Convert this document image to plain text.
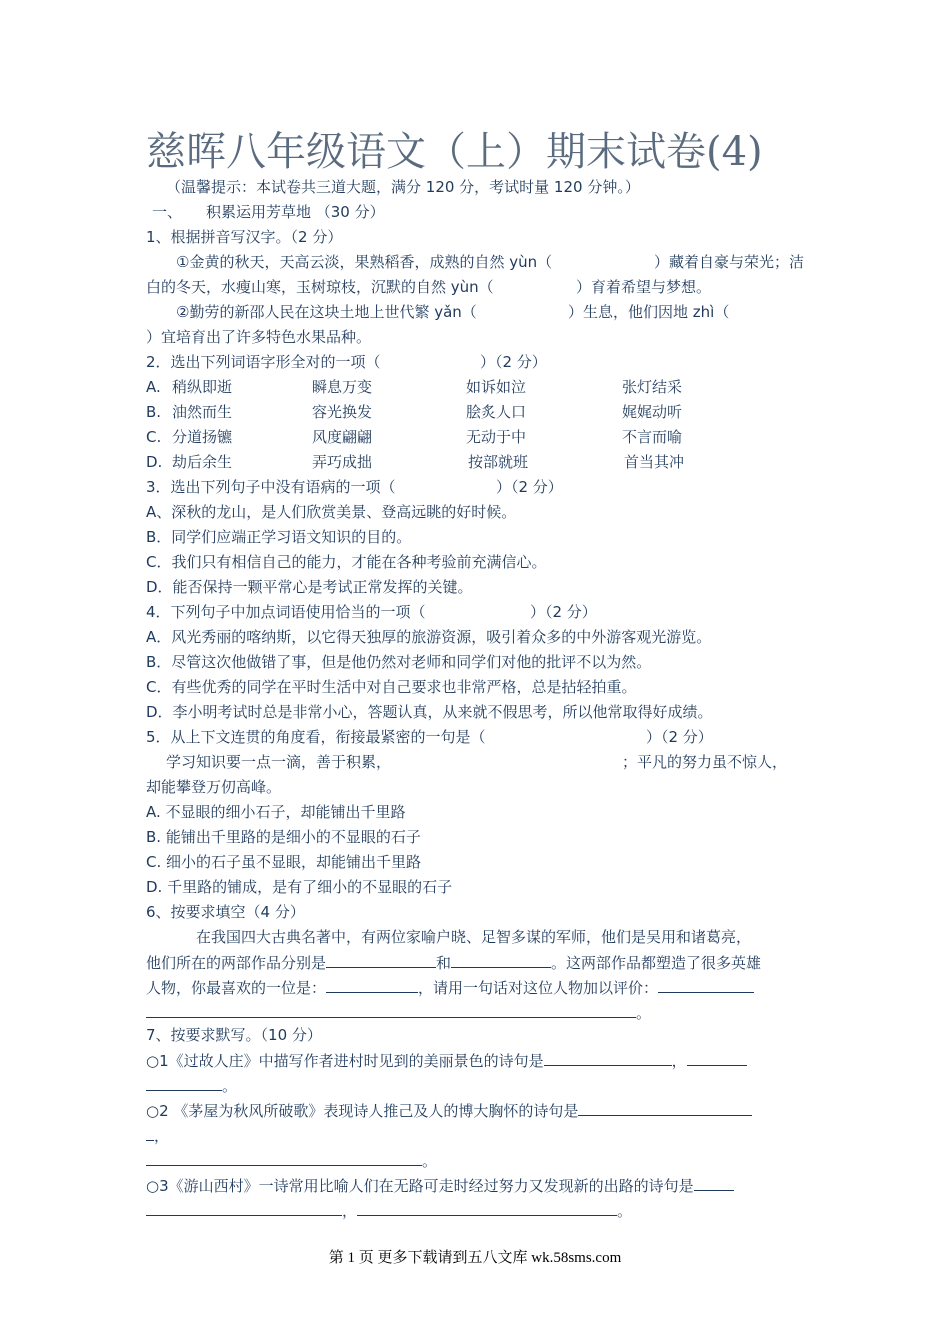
慈晖八年级语文（上）期末试卷(4)
（温馨提示：本试卷共三道大题，满分 120 分，考试时量 120 分钟。）
一、 积累运用芳草地 （30 分）
1、根据拼音写汉字。（2 分）
①金黄的秋天，天高云淡，果熟稻香，成熟的自然 yùn（	）藏着自豪与荣光；洁
白的冬天，水瘦山寒，玉树琼枝，沉默的自然 yùn（	）育着希望与梦想。
②勤劳的新邵人民在这块土地上世代繁 yǎn（	）生息，他们因地 zhì（
）宜培育出了许多特色水果品种。
2．选出下列词语字形全对的一项（	）（2 分）
A. 稍纵即逝	瞬息万变	如诉如泣	张灯结采
B. 油然而生	容光换发	脍炙人口	娓娓动听
C. 分道扬镳	风度翩翩	无动于中	不言而喻
D. 劫后余生	弄巧成拙	按部就班	首当其冲
3．选出下列句子中没有语病的一项（	）（2 分）
A、深秋的龙山，是人们欣赏美景、登高远眺的好时候。
B．同学们应端正学习语文知识的目的。
C．我们只有相信自己的能力，才能在各种考验前充满信心。
D．能否保持一颗平常心是考试正常发挥的关键。
4．下列句子中加点词语使用恰当的一项（	）（2 分）
A．风光秀丽的喀纳斯，以它得天独厚的旅游资源，吸引着众多的中外游客观光游览。
B．尽管这次他做错了事，但是他仍然对老师和同学们对他的批评不以为然。
C．有些优秀的同学在平时生活中对自己要求也非常严格，总是拈轻拍重。
D．李小明考试时总是非常小心，答题认真，从来就不假思考，所以他常取得好成绩。
5．从上下文连贯的角度看，衔接最紧密的一句是（	）（2 分）
学习知识要一点一滴，善于积累，	；平凡的努力虽不惊人，
却能攀登万仞高峰。
A. 不显眼的细小石子，却能铺出千里路
B. 能铺出千里路的是细小的不显眼的石子
C. 细小的石子虽不显眼，却能铺出千里路
D. 千里路的铺成，是有了细小的不显眼的石子
6、按要求填空（4 分）
在我国四大古典名著中，有两位家喻户晓、足智多谋的军师，他们是吴用和诸葛亮，
他们所在的两部作品分别是	和	。这两部作品都塑造了很多英雄
人物，你最喜欢的一位是：	，请用一句话对这位人物加以评价：
。
7、按要求默写。（10 分）
○1《过故人庄》中描写作者进村时见到的美丽景色的诗句是	，
。
○2 《茅屋为秋风所破歌》表现诗人推己及人的博大胸怀的诗句是
，
。
○3《游山西村》一诗常用比喻人们在无路可走时经过努力又发现新的出路的诗句是
，	。
第 1 页 更多下载请到五八文库 wk.58sms.com
